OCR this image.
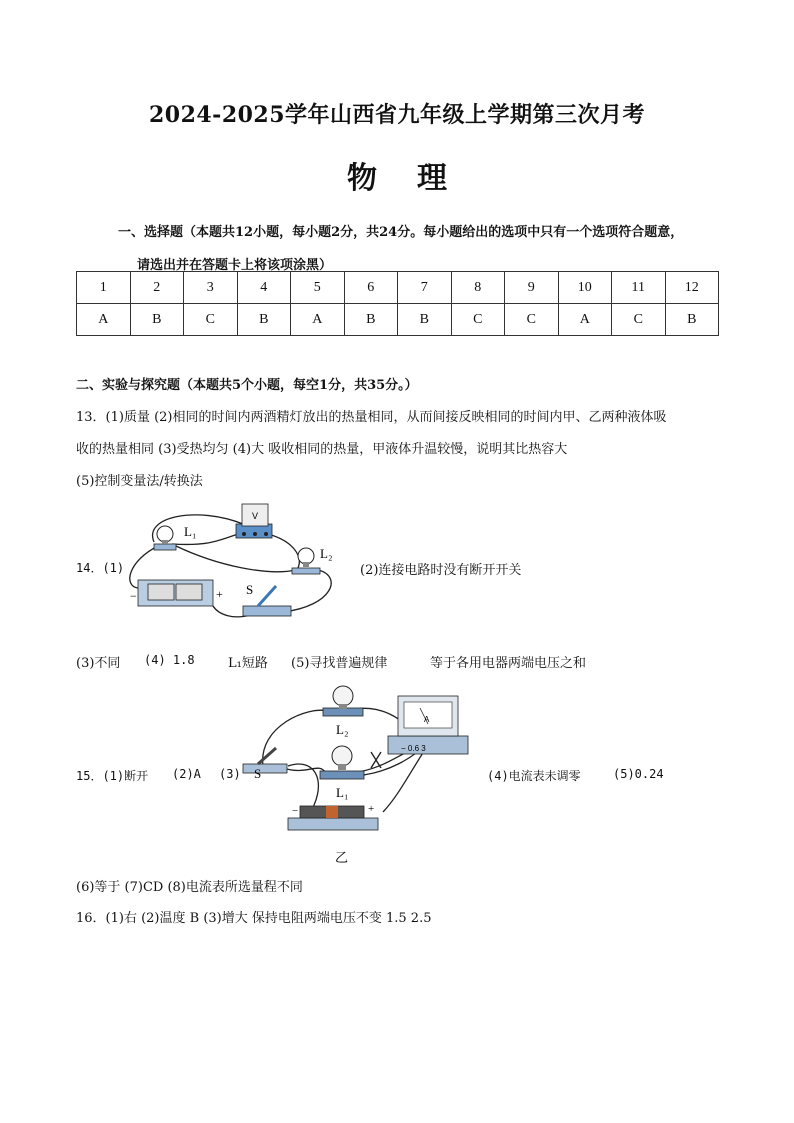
2024-2025学年山西省九年级上学期第三次月考
物理
一、选择题（本题共12小题，每小题2分，共24分。每小题给出的选项中只有一个选项符合题意，
请选出并在答题卡上将该项涂黑）
1	2	3	4	5	6	7	8	9	10	11	12
A	B	C	B	A	B	B	C	C	A	C	B
二、实验与探究题（本题共5个小题，每空1分，共35分。）
13．(1)质量 (2)相同的时间内两酒精灯放出的热量相同，从而间接反映相同的时间内甲、乙两种液体吸
收的热量相同 (3)受热均匀 (4)大 吸收相同的热量，甲液体升温较慢，说明其比热容大
(5)控制变量法/转换法
14．(1)
L₁
V
L₂
−	+ S
(2)连接电路时没有断开开关
(3)不同 (4) 1.8	L₁短路 (5)寻找普遍规律	等于各用电器两端电压之和
15．(1)断开 (2)A (3)
L₂
L₁
A
− 0.6 3
S
−	+
乙
(4)电流表未调零	(5)0.24
(6)等于 (7)CD (8)电流表所选量程不同
16．(1)右 (2)温度 B (3)增大 保持电阻两端电压不变 1.5 2.5
